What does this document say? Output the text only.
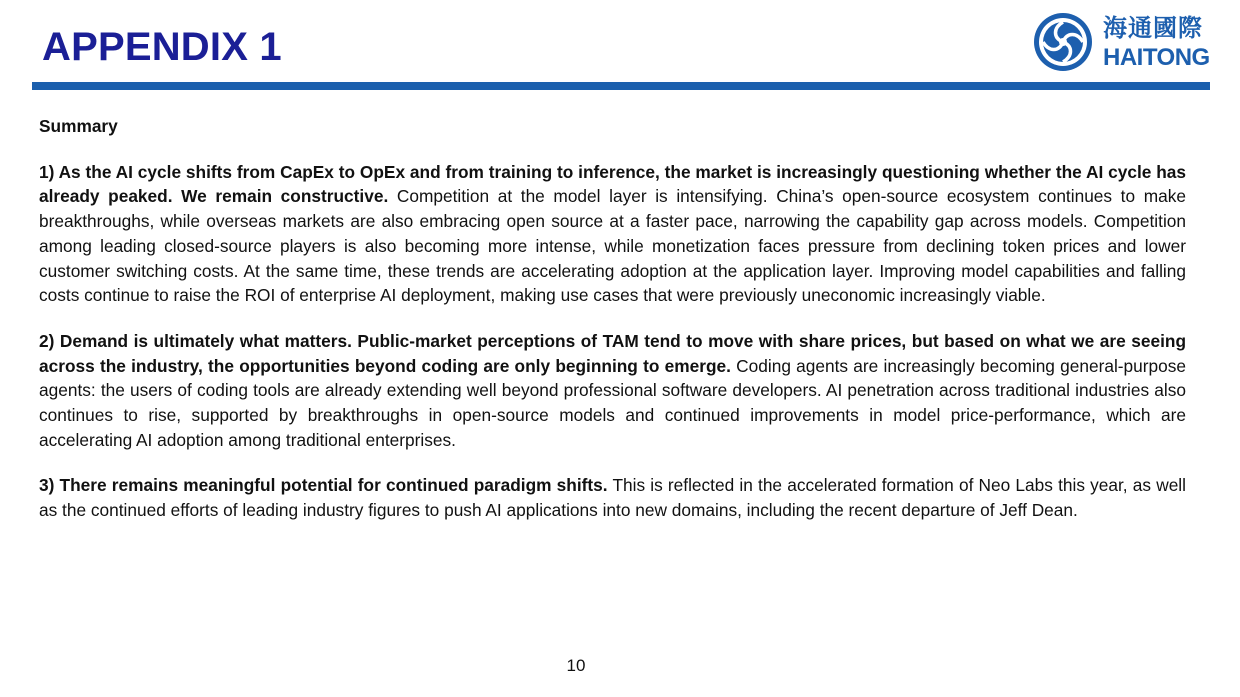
APPENDIX 1	海通國際
HAITONG

Summary

1) As the AI cycle shifts from CapEx to OpEx and from training to inference, the market is increasingly questioning whether the AI cycle has already peaked. We remain constructive. Competition at the model layer is intensifying. China’s open-source ecosystem continues to make breakthroughs, while overseas markets are also embracing open source at a faster pace, narrowing the capability gap across models. Competition among leading closed-source players is also becoming more intense, while monetization faces pressure from declining token prices and lower customer switching costs. At the same time, these trends are accelerating adoption at the application layer. Improving model capabilities and falling costs continue to raise the ROI of enterprise AI deployment, making use cases that were previously uneconomic increasingly viable.

2) Demand is ultimately what matters. Public-market perceptions of TAM tend to move with share prices, but based on what we are seeing across the industry, the opportunities beyond coding are only beginning to emerge. Coding agents are increasingly becoming general-purpose agents: the users of coding tools are already extending well beyond professional software developers. AI penetration across traditional industries also continues to rise, supported by breakthroughs in open-source models and continued improvements in model price-performance, which are accelerating AI adoption among traditional enterprises.

3) There remains meaningful potential for continued paradigm shifts. This is reflected in the accelerated formation of Neo Labs this year, as well as the continued efforts of leading industry figures to push AI applications into new domains, including the recent departure of Jeff Dean.

10
